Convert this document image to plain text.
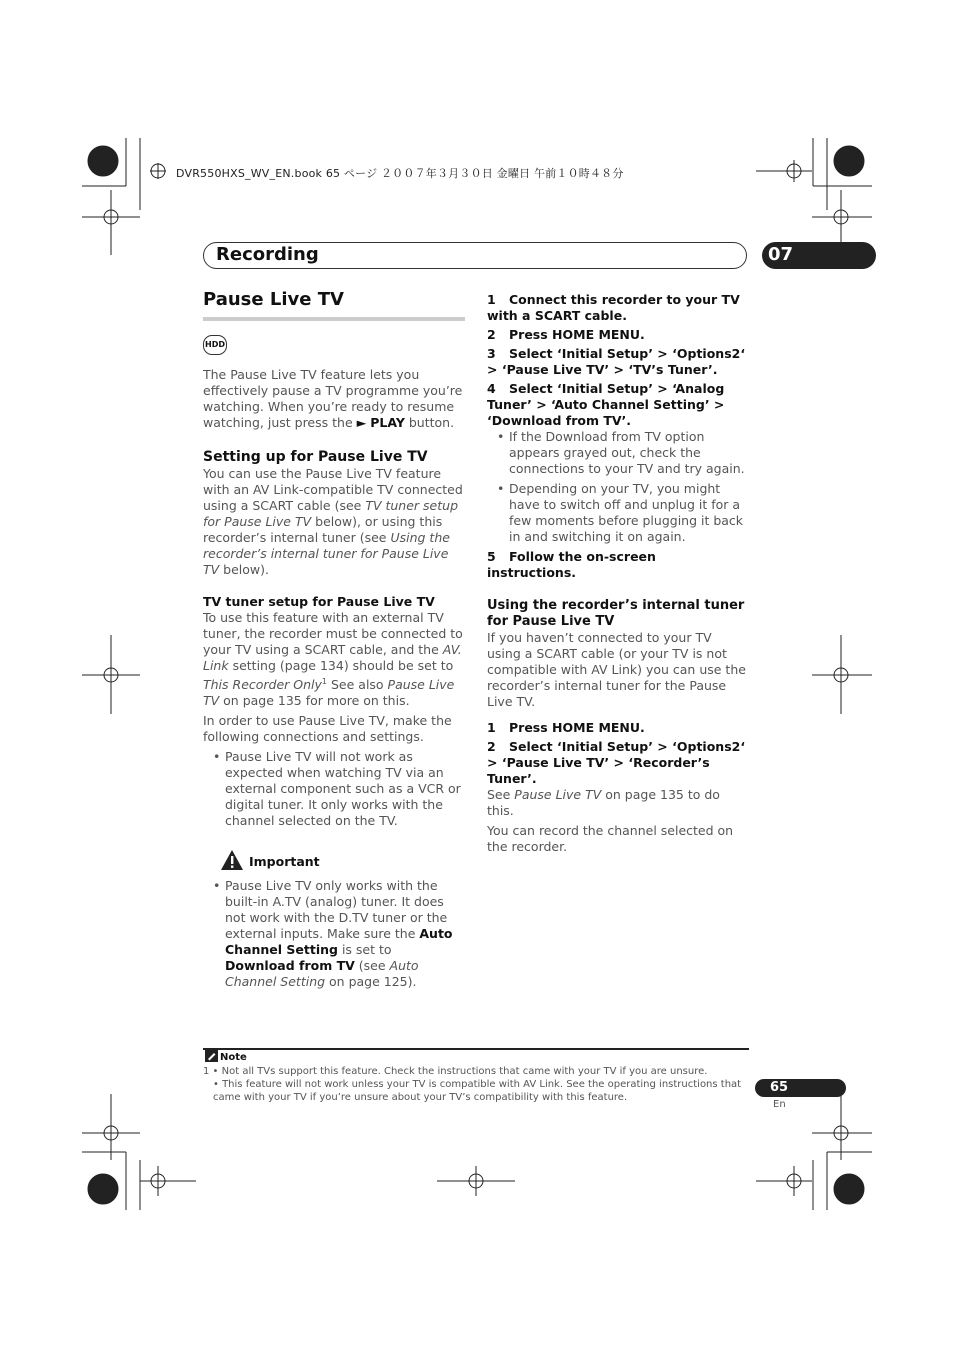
DVR550HXS_WV_EN.book 65 ページ ２００７年３月３０日 金曜日 午前１０時４８分
Recording	07
Pause Live TV
HDD

The Pause Live TV feature lets you effectively pause a TV programme you’re watching. When you’re ready to resume watching, just press the ► PLAY button.

Setting up for Pause Live TV

You can use the Pause Live TV feature with an AV Link-compatible TV connected using a SCART cable (see TV tuner setup for Pause Live TV below), or using this recorder’s internal tuner (see Using the recorder’s internal tuner for Pause Live TV below).

TV tuner setup for Pause Live TV

To use this feature with an external TV tuner, the recorder must be connected to your TV using a SCART cable, and the AV. Link setting (page 134) should be set to This Recorder Only$^1$ See also Pause Live TV on page 135 for more on this.

In order to use Pause Live TV, make the following connections and settings.

• Pause Live TV will not work as expected when watching TV via an external component such as a VCR or digital tuner. It only works with the channel selected on the TV.

Important

• Pause Live TV only works with the built-in A.TV (analog) tuner. It does not work with the D.TV tuner or the external inputs. Make sure the Auto Channel Setting is set to Download from TV (see Auto Channel Setting on page 125).

1 Connect this recorder to your TV with a SCART cable.
2 Press HOME MENU.
3 Select ‘Initial Setup’ > ‘Options2‘ > ‘Pause Live TV’ > ‘TV’s Tuner’.
4 Select ‘Initial Setup’ > ‘Analog Tuner’ > ‘Auto Channel Setting’ > ‘Download from TV’.

• If the Download from TV option appears grayed out, check the connections to your TV and try again.

• Depending on your TV, you might have to switch off and unplug it for a few moments before plugging it back in and switching it on again.

5 Follow the on-screen instructions.
Using the recorder’s internal tuner for Pause Live TV

If you haven’t connected to your TV using a SCART cable (or your TV is not compatible with AV Link) you can use the recorder’s internal tuner for the Pause Live TV.

1 Press HOME MENU.
2 Select ‘Initial Setup’ > ‘Options2‘ > ‘Pause Live TV’ > ‘Recorder’s Tuner’.

See Pause Live TV on page 135 to do this.

You can record the channel selected on the recorder.

Note
1 • Not all TVs support this feature. Check the instructions that came with your TV if you are unsure.
• This feature will not work unless your TV is compatible with AV Link. See the operating instructions that came with your TV if you’re unsure about your TV’s compatibility with this feature.
65
En
